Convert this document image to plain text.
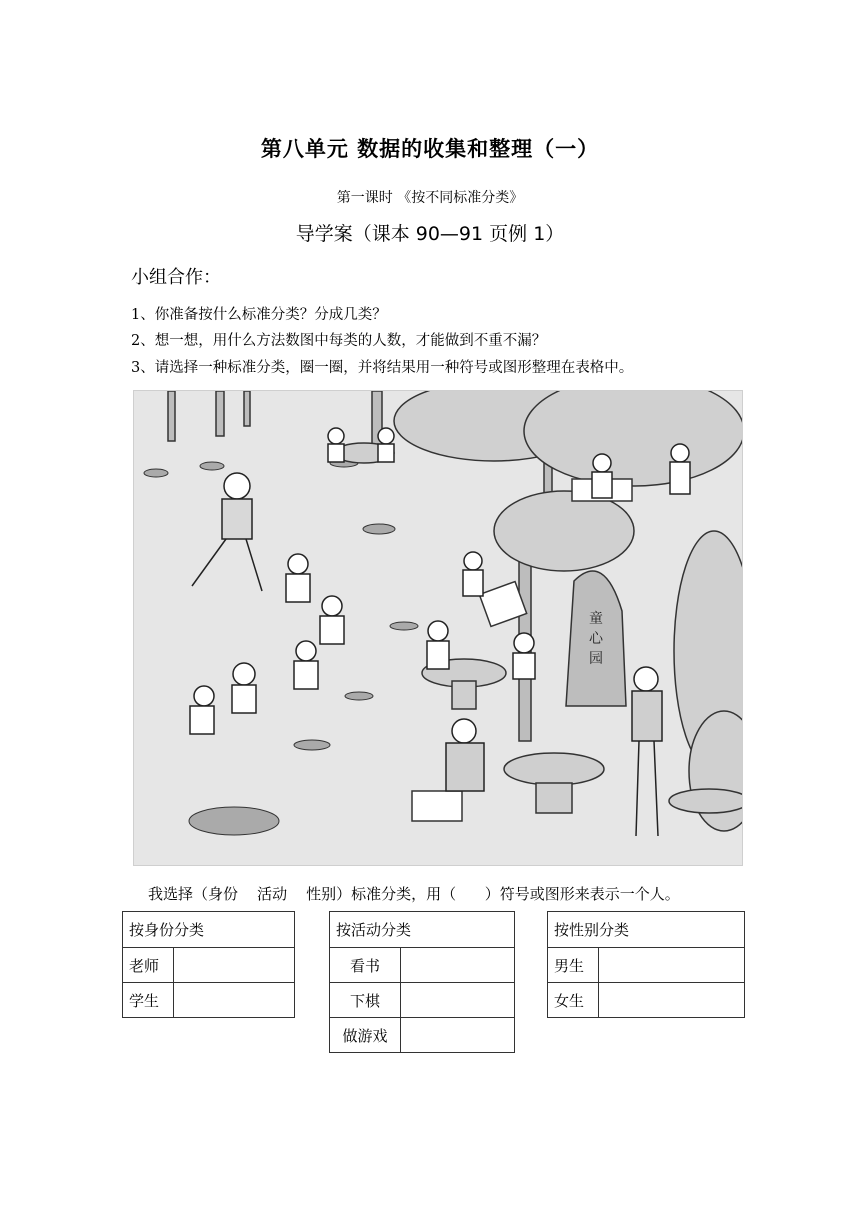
第八单元 数据的收集和整理（一）
第一课时 《按不同标准分类》
导学案（课本 90—91 页例 1）
小组合作：
1、你准备按什么标准分类？分成几类？
2、想一想，用什么方法数图中每类的人数，才能做到不重不漏？
3、请选择一种标准分类，圈一圈，并将结果用一种符号或图形整理在表格中。
童
心
园
我选择（身份    活动    性别）标准分类，用（      ）符号或图形来表示一个人。
按身份分类	
老师	
学生	
按活动分类	
看书	
下棋	
做游戏	
按性别分类	
男生	
女生	
